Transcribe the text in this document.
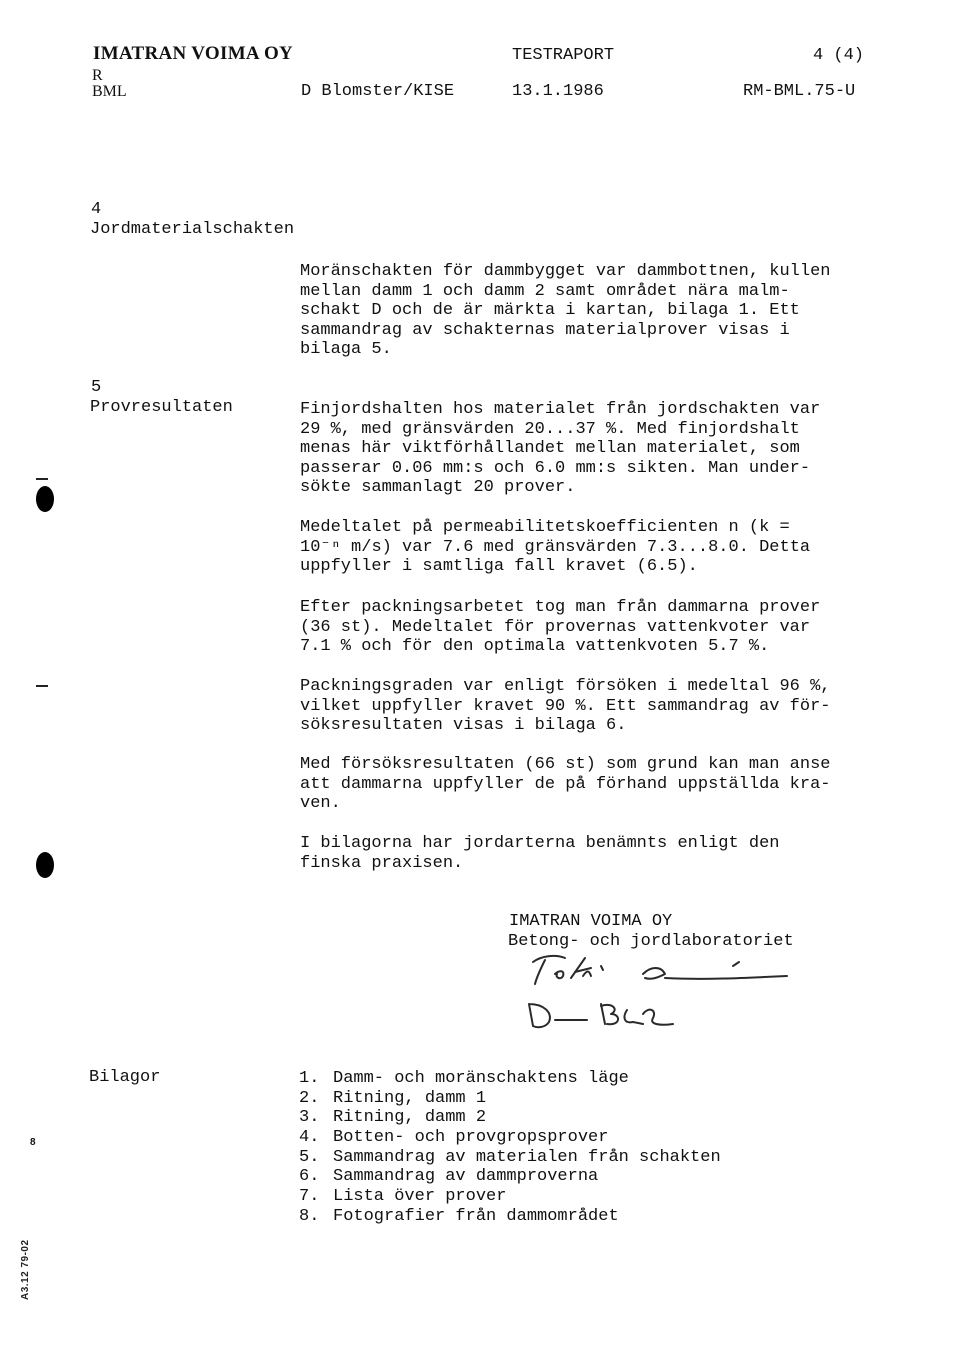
IMATRAN VOIMA OY	TESTRAPORT	4 (4)
R
BML	D Blomster/KISE	13.1.1986	RM-BML.75-U
4
Jordmaterialschakten
Moränschakten för dammbygget var dammbottnen, kullen
mellan damm 1 och damm 2 samt området nära malm-
schakt D och de är märkta i kartan, bilaga 1. Ett
sammandrag av schakternas materialprover visas i
bilaga 5.
5
Provresultaten	Finjordshalten hos materialet från jordschakten var
29 %, med gränsvärden 20...37 %. Med finjordshalt
menas här viktförhållandet mellan materialet, som
passerar 0.06 mm:s och 6.0 mm:s sikten. Man under-
sökte sammanlagt 20 prover.
Medeltalet på permeabilitetskoefficienten n (k =
10⁻ⁿ m/s) var 7.6 med gränsvärden 7.3...8.0. Detta
uppfyller i samtliga fall kravet (6.5).
Efter packningsarbetet tog man från dammarna prover
(36 st). Medeltalet för provernas vattenkvoter var
7.1 % och för den optimala vattenkvoten 5.7 %.
Packningsgraden var enligt försöken i medeltal 96 %,
vilket uppfyller kravet 90 %. Ett sammandrag av för-
söksresultaten visas i bilaga 6.
Med försöksresultaten (66 st) som grund kan man anse
att dammarna uppfyller de på förhand uppställda kra-
ven.
I bilagorna har jordarterna benämnts enligt den
finska praxisen.
IMATRAN VOIMA OY
Betong- och jordlaboratoriet
Bilagor	1. Damm- och moränschaktens läge
2. Ritning, damm 1
3. Ritning, damm 2
4. Botten- och provgropsprover
5. Sammandrag av materialen från schakten
6. Sammandrag av dammproverna
7. Lista över prover
8. Fotografier från dammområdet
8
A3.12 79-02
